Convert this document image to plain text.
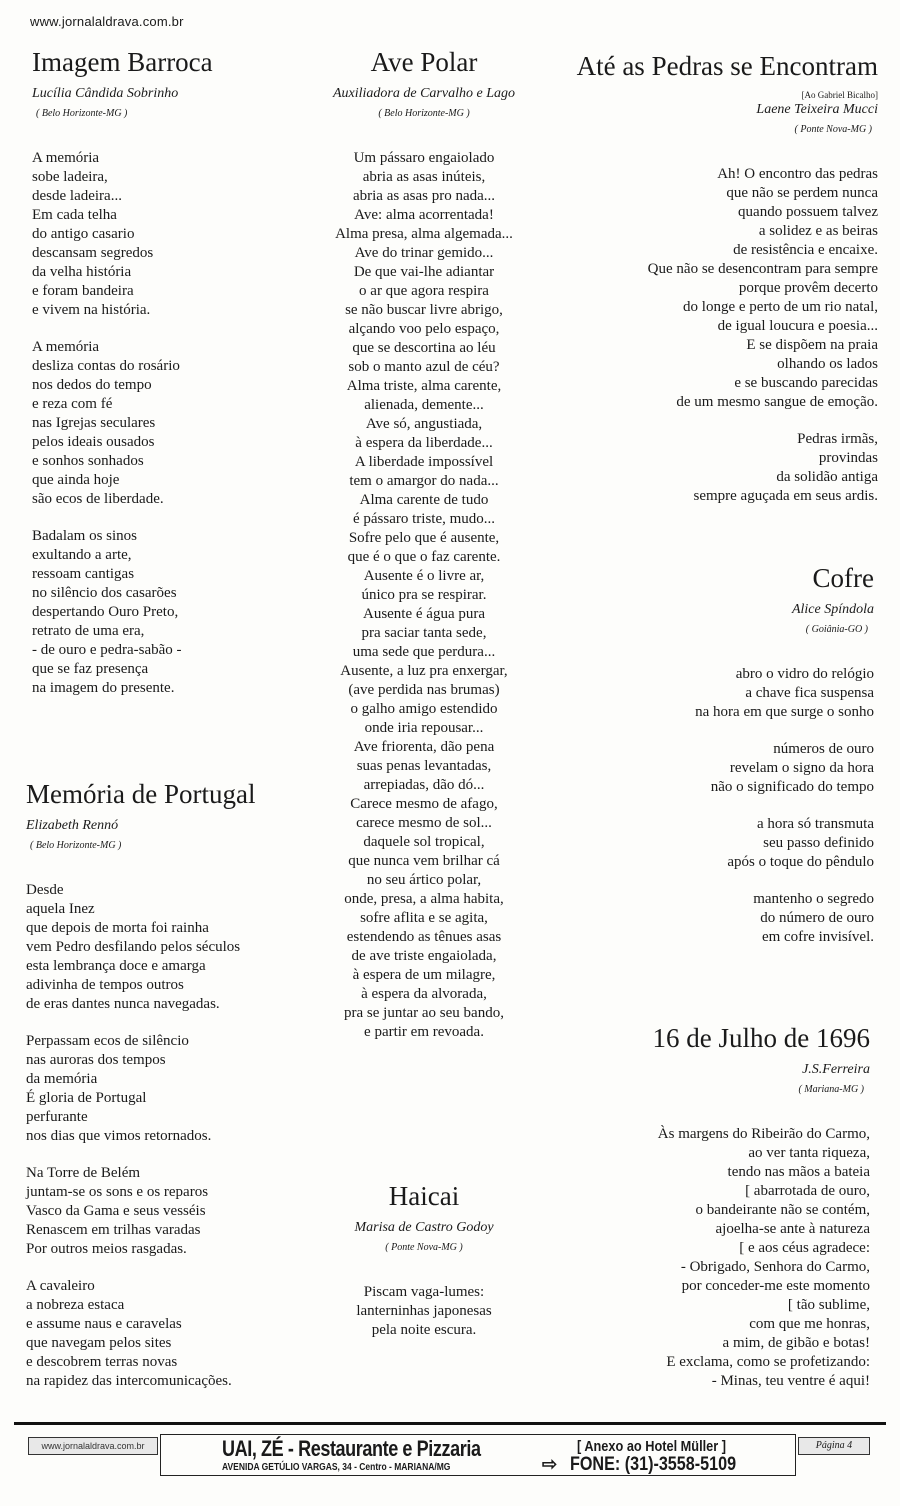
www.jornalaldrava.com.br
Imagem Barroca
Lucília Cândida Sobrinho
( Belo Horizonte-MG )
A memória
sobe ladeira,
desde ladeira...
Em cada telha
do antigo casario
descansam segredos
da velha história
e foram bandeira
e vivem na história.
A memória
desliza contas do rosário
nos dedos do tempo
e reza com fé
nas Igrejas seculares
pelos ideais ousados
e sonhos sonhados
que ainda hoje
são ecos de liberdade.
Badalam os sinos
exultando a arte,
ressoam cantigas
no silêncio dos casarões
despertando Ouro Preto,
retrato de uma era,
- de ouro e pedra-sabão -
que se faz presença
na imagem do presente.
Memória de Portugal
Elizabeth Rennó
( Belo Horizonte-MG )
Desde
aquela Inez
que depois de morta foi rainha
vem Pedro desfilando pelos séculos
esta lembrança doce e amarga
adivinha de tempos outros
de eras dantes nunca navegadas.
Perpassam ecos de silêncio
nas auroras dos tempos
da memória
É gloria de Portugal
perfurante
nos dias que vimos retornados.
Na Torre de Belém
juntam-se os sons e os reparos
Vasco da Gama e seus vesséis
Renascem em trilhas varadas
Por outros meios rasgadas.
A cavaleiro
a nobreza estaca
e assume naus e caravelas
que navegam pelos sites
e descobrem terras novas
na rapidez das intercomunicações.
Ave Polar
Auxiliadora de Carvalho e Lago
( Belo Horizonte-MG )
Um pássaro engaiolado
abria as asas inúteis,
abria as asas pro nada...
Ave: alma acorrentada!
Alma presa, alma algemada...
Ave do trinar gemido...
De que vai-lhe adiantar
o ar que agora respira
se não buscar livre abrigo,
alçando voo pelo espaço,
que se descortina ao léu
sob o manto azul de céu?
Alma triste, alma carente,
alienada, demente...
Ave só, angustiada,
à espera da liberdade...
A liberdade impossível
tem o amargor do nada...
Alma carente de tudo
é pássaro triste, mudo...
Sofre pelo que é ausente,
que é o que o faz carente.
Ausente é o livre ar,
único pra se respirar.
Ausente é água pura
pra saciar tanta sede,
uma sede que perdura...
Ausente, a luz pra enxergar,
(ave perdida nas brumas)
o galho amigo estendido
onde iria repousar...
Ave friorenta, dão pena
suas penas levantadas,
arrepiadas, dão dó...
Carece mesmo de afago,
carece mesmo de sol...
daquele sol tropical,
que nunca vem brilhar cá
no seu ártico polar,
onde, presa, a alma habita,
sofre aflita e se agita,
estendendo as tênues asas
de ave triste engaiolada,
à espera de um milagre,
à espera da alvorada,
pra se juntar ao seu bando,
e partir em revoada.
Haicai
Marisa de Castro Godoy
( Ponte Nova-MG )
Piscam vaga-lumes:
lanterninhas japonesas
pela noite escura.
Até as Pedras se Encontram
[Ao Gabriel Bicalho]
Laene Teixeira Mucci
( Ponte Nova-MG )
Ah! O encontro das pedras
que não se perdem nunca
quando possuem talvez
a solidez e as beiras
de resistência e encaixe.
Que não se desencontram para sempre
porque provêm decerto
do longe e perto de um rio natal,
de igual loucura e poesia...
E se dispõem na praia
olhando os lados
e se buscando parecidas
de um mesmo sangue de emoção.
Pedras irmãs,
provindas
da solidão antiga
sempre aguçada em seus ardis.
Cofre
Alice Spíndola
( Goiânia-GO )
abro o vidro do relógio
a chave fica suspensa
na hora em que surge o sonho
números de ouro
revelam o signo da hora
não o significado do tempo
a hora só transmuta
seu passo definido
após o toque do pêndulo
mantenho o segredo
do número de ouro
em cofre invisível.
16 de Julho de 1696
J.S.Ferreira
( Mariana-MG )
Às margens do Ribeirão do Carmo,
ao ver tanta riqueza,
tendo nas mãos a bateia
[ abarrotada de ouro,
o bandeirante não se contém,
ajoelha-se ante à natureza
[ e aos céus agradece:
- Obrigado, Senhora do Carmo,
por conceder-me este momento
[ tão sublime,
com que me honras,
a mim, de gibão e botas!
E exclama, como se profetizando:
- Minas, teu ventre é aqui!
www.jornalaldrava.com.br	UAI, ZÉ - Restaurante e Pizzaria
AVENIDA GETÚLIO VARGAS, 34 - Centro - MARIANA/MG
[ Anexo ao Hotel Müller ]
⇨ FONE: (31)-3558-5109
Página 4
